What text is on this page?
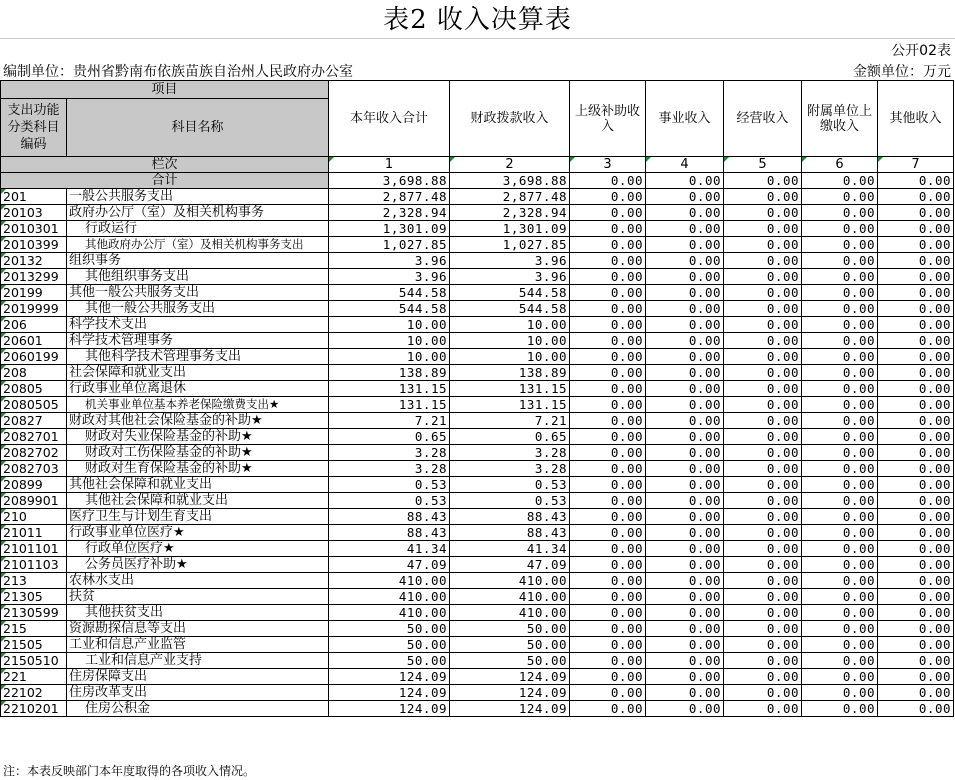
表2 收入决算表
公开02表
编制单位：贵州省黔南布依族苗族自治州人民政府办公室	金额单位：万元
项目		本年收入合计	财政拨款收入	上级补助收入	事业收入	经营收入	附属单位上缴收入	其他收入
支出功能分类科目编码	科目名称							
栏次		1	2	3	4	5	6	7
合计		3,698.88	3,698.88	0.00	0.00	0.00	0.00	0.00
201	一般公共服务支出	2,877.48	2,877.48	0.00	0.00	0.00	0.00	0.00
20103	政府办公厅（室）及相关机构事务	2,328.94	2,328.94	0.00	0.00	0.00	0.00	0.00
2010301	行政运行	1,301.09	1,301.09	0.00	0.00	0.00	0.00	0.00
2010399	其他政府办公厅（室）及相关机构事务支出	1,027.85	1,027.85	0.00	0.00	0.00	0.00	0.00
20132	组织事务	3.96	3.96	0.00	0.00	0.00	0.00	0.00
2013299	其他组织事务支出	3.96	3.96	0.00	0.00	0.00	0.00	0.00
20199	其他一般公共服务支出	544.58	544.58	0.00	0.00	0.00	0.00	0.00
2019999	其他一般公共服务支出	544.58	544.58	0.00	0.00	0.00	0.00	0.00
206	科学技术支出	10.00	10.00	0.00	0.00	0.00	0.00	0.00
20601	科学技术管理事务	10.00	10.00	0.00	0.00	0.00	0.00	0.00
2060199	其他科学技术管理事务支出	10.00	10.00	0.00	0.00	0.00	0.00	0.00
208	社会保障和就业支出	138.89	138.89	0.00	0.00	0.00	0.00	0.00
20805	行政事业单位离退休	131.15	131.15	0.00	0.00	0.00	0.00	0.00
2080505	机关事业单位基本养老保险缴费支出★	131.15	131.15	0.00	0.00	0.00	0.00	0.00
20827	财政对其他社会保险基金的补助★	7.21	7.21	0.00	0.00	0.00	0.00	0.00
2082701	财政对失业保险基金的补助★	0.65	0.65	0.00	0.00	0.00	0.00	0.00
2082702	财政对工伤保险基金的补助★	3.28	3.28	0.00	0.00	0.00	0.00	0.00
2082703	财政对生育保险基金的补助★	3.28	3.28	0.00	0.00	0.00	0.00	0.00
20899	其他社会保障和就业支出	0.53	0.53	0.00	0.00	0.00	0.00	0.00
2089901	其他社会保障和就业支出	0.53	0.53	0.00	0.00	0.00	0.00	0.00
210	医疗卫生与计划生育支出	88.43	88.43	0.00	0.00	0.00	0.00	0.00
21011	行政事业单位医疗★	88.43	88.43	0.00	0.00	0.00	0.00	0.00
2101101	行政单位医疗★	41.34	41.34	0.00	0.00	0.00	0.00	0.00
2101103	公务员医疗补助★	47.09	47.09	0.00	0.00	0.00	0.00	0.00
213	农林水支出	410.00	410.00	0.00	0.00	0.00	0.00	0.00
21305	扶贫	410.00	410.00	0.00	0.00	0.00	0.00	0.00
2130599	其他扶贫支出	410.00	410.00	0.00	0.00	0.00	0.00	0.00
215	资源勘探信息等支出	50.00	50.00	0.00	0.00	0.00	0.00	0.00
21505	工业和信息产业监管	50.00	50.00	0.00	0.00	0.00	0.00	0.00
2150510	工业和信息产业支持	50.00	50.00	0.00	0.00	0.00	0.00	0.00
221	住房保障支出	124.09	124.09	0.00	0.00	0.00	0.00	0.00
22102	住房改革支出	124.09	124.09	0.00	0.00	0.00	0.00	0.00
2210201	住房公积金	124.09	124.09	0.00	0.00	0.00	0.00	0.00
注：本表反映部门本年度取得的各项收入情况。
